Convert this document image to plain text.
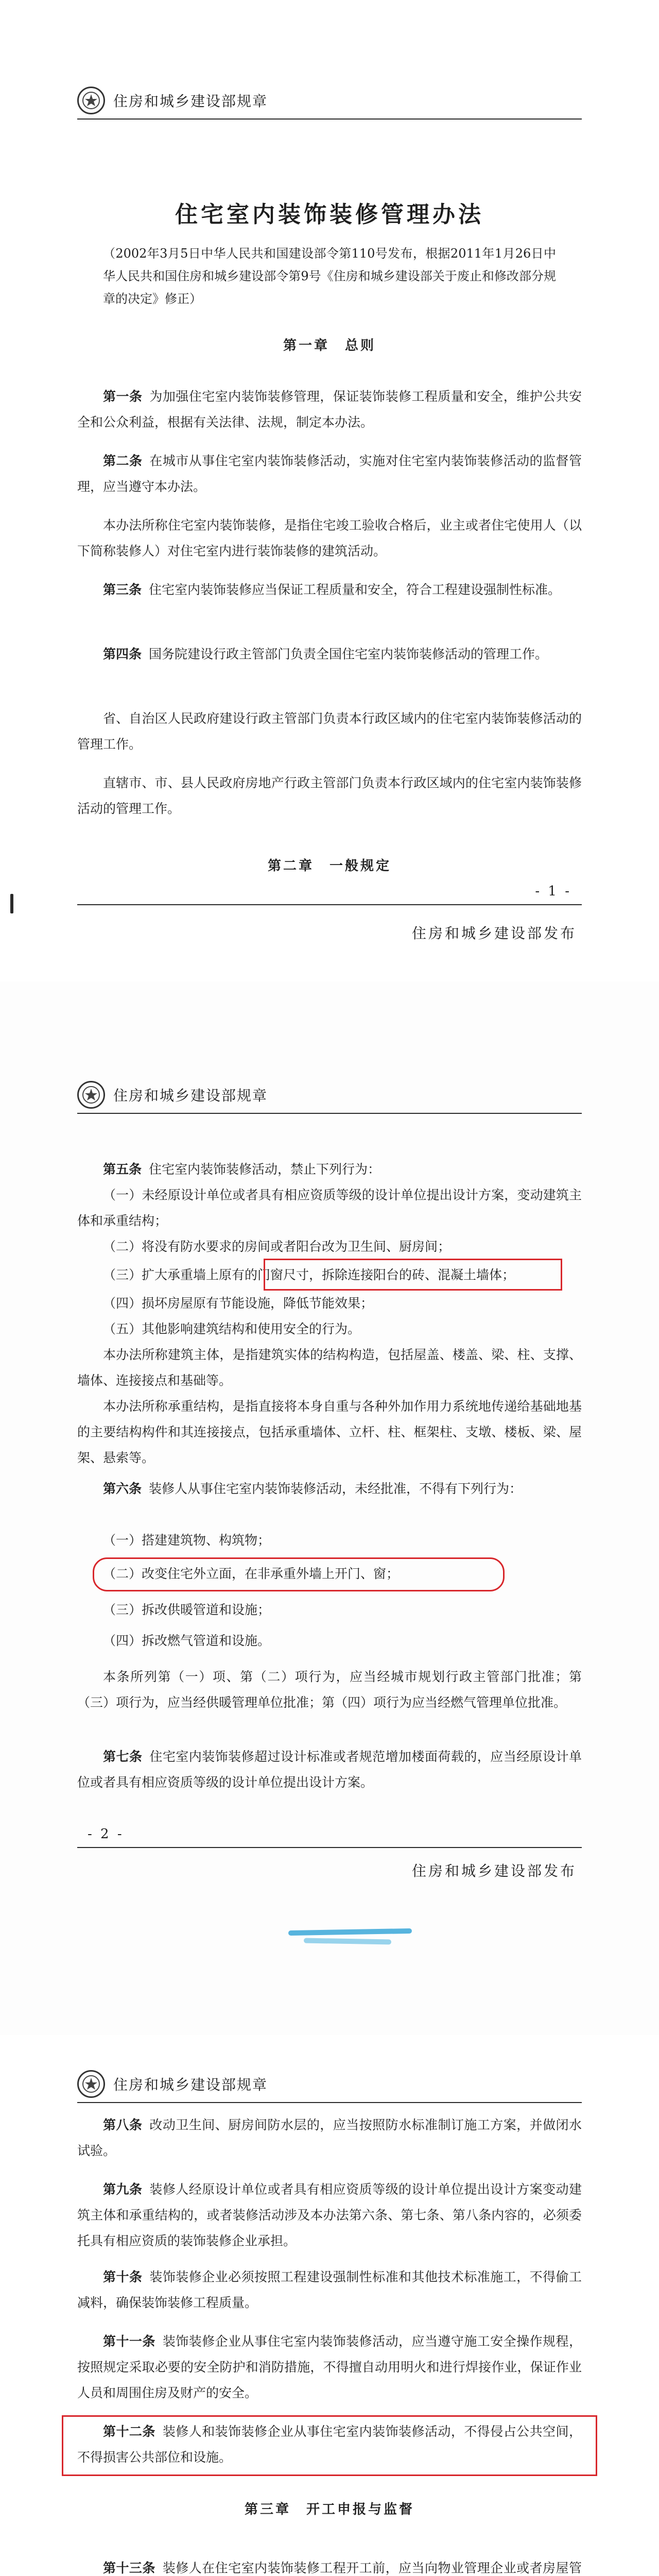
住房和城乡建设部规章
住宅室内装饰装修管理办法
（2002年3月5日中华人民共和国建设部令第110号发布，根据2011年1月26日中华人民共和国住房和城乡建设部令第9号《住房和城乡建设部关于废止和修改部分规章的决定》修正）
第一章　总则

第一条 为加强住宅室内装饰装修管理，保证装饰装修工程质量和安全，维护公共安全和公众利益，根据有关法律、法规，制定本办法。

第二条 在城市从事住宅室内装饰装修活动，实施对住宅室内装饰装修活动的监督管理，应当遵守本办法。

本办法所称住宅室内装饰装修，是指住宅竣工验收合格后，业主或者住宅使用人（以下简称装修人）对住宅室内进行装饰装修的建筑活动。

第三条 住宅室内装饰装修应当保证工程质量和安全，符合工程建设强制性标准。

第四条 国务院建设行政主管部门负责全国住宅室内装饰装修活动的管理工作。

省、自治区人民政府建设行政主管部门负责本行政区域内的住宅室内装饰装修活动的管理工作。

直辖市、市、县人民政府房地产行政主管部门负责本行政区域内的住宅室内装饰装修活动的管理工作。

第二章　一般规定
- 1 -
住房和城乡建设部发布
住房和城乡建设部规章

第五条 住宅室内装饰装修活动，禁止下列行为：

（一）未经原设计单位或者具有相应资质等级的设计单位提出设计方案，变动建筑主体和承重结构；

（二）将没有防水要求的房间或者阳台改为卫生间、厨房间；

（三）扩大承重墙上原有的门窗尺寸，拆除连接阳台的砖、混凝土墙体；

（四）损坏房屋原有节能设施，降低节能效果；

（五）其他影响建筑结构和使用安全的行为。

本办法所称建筑主体，是指建筑实体的结构构造，包括屋盖、楼盖、梁、柱、支撑、墙体、连接接点和基础等。

本办法所称承重结构，是指直接将本身自重与各种外加作用力系统地传递给基础地基的主要结构构件和其连接接点，包括承重墙体、立杆、柱、框架柱、支墩、楼板、梁、屋架、悬索等。

第六条 装修人从事住宅室内装饰装修活动，未经批准，不得有下列行为：

（一）搭建建筑物、构筑物；

（二）改变住宅外立面，在非承重外墙上开门、窗；

（三）拆改供暖管道和设施；

（四）拆改燃气管道和设施。

本条所列第（一）项、第（二）项行为，应当经城市规划行政主管部门批准；第（三）项行为，应当经供暖管理单位批准；第（四）项行为应当经燃气管理单位批准。

第七条 住宅室内装饰装修超过设计标准或者规范增加楼面荷载的，应当经原设计单位或者具有相应资质等级的设计单位提出设计方案。

- 2 -
住房和城乡建设部发布
住房和城乡建设部规章

第八条 改动卫生间、厨房间防水层的，应当按照防水标准制订施工方案，并做闭水试验。

第九条 装修人经原设计单位或者具有相应资质等级的设计单位提出设计方案变动建筑主体和承重结构的，或者装修活动涉及本办法第六条、第七条、第八条内容的，必须委托具有相应资质的装饰装修企业承担。

第十条 装饰装修企业必须按照工程建设强制性标准和其他技术标准施工，不得偷工减料，确保装饰装修工程质量。

第十一条 装饰装修企业从事住宅室内装饰装修活动，应当遵守施工安全操作规程，按照规定采取必要的安全防护和消防措施，不得擅自动用明火和进行焊接作业，保证作业人员和周围住房及财产的安全。

第十二条 装修人和装饰装修企业从事住宅室内装饰装修活动，不得侵占公共空间，不得损害公共部位和设施。

第三章　开工申报与监督

第十三条 装修人在住宅室内装饰装修工程开工前，应当向物业管理企业或者房屋管
